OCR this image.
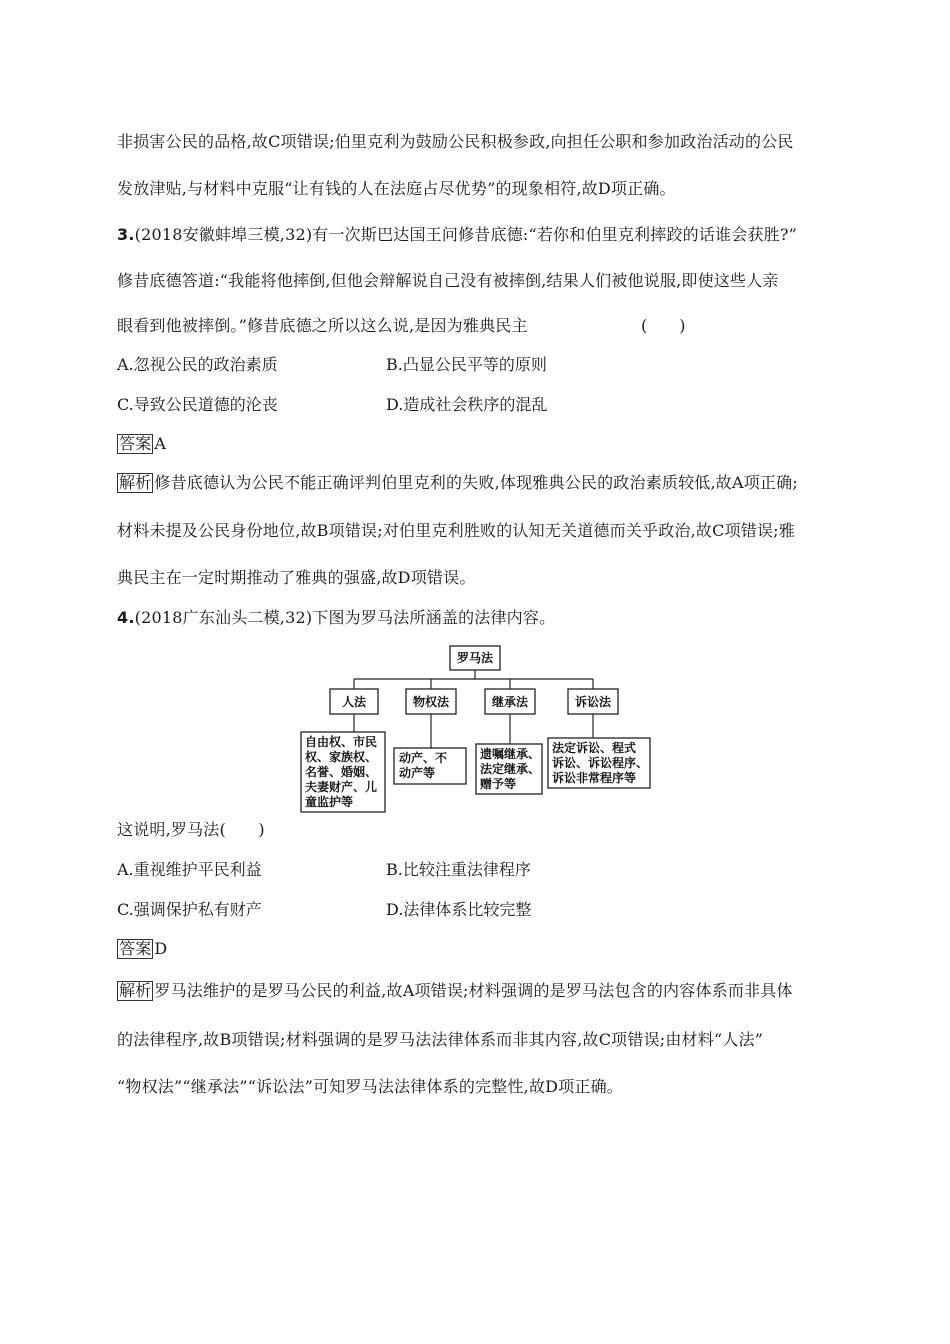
非损害公民的品格,故C项错误;伯里克利为鼓励公民积极参政,向担任公职和参加政治活动的公民
发放津贴,与材料中克服“让有钱的人在法庭占尽优势”的现象相符,故D项正确。
3.(2018安徽蚌埠三模,32)有一次斯巴达国王问修昔底德:“若你和伯里克利摔跤的话谁会获胜?”
修昔底德答道:“我能将他摔倒,但他会辩解说自己没有被摔倒,结果人们被他说服,即使这些人亲
眼看到他被摔倒。”修昔底德之所以这么说,是因为雅典民主	(　　)
A.忽视公民的政治素质	B.凸显公民平等的原则
C.导致公民道德的沦丧	D.造成社会秩序的混乱
答案 A
解析 修昔底德认为公民不能正确评判伯里克利的失败,体现雅典公民的政治素质较低,故A项正确;
材料未提及公民身份地位,故B项错误;对伯里克利胜败的认知无关道德而关乎政治,故C项错误;雅
典民主在一定时期推动了雅典的强盛,故D项错误。
4.(2018广东汕头二模,32)下图为罗马法所涵盖的法律内容。
罗马法
人法	物权法	继承法	诉讼法
自由权、市民
权、家族权、
名誉、婚姻、
夫妻财产、儿
童监护等
动产、不
动产等
遗嘱继承、
法定继承、
赠予等
法定诉讼、程式
诉讼、诉讼程序、
诉讼非常程序等
这说明,罗马法(　　)
A.重视维护平民利益	B.比较注重法律程序
C.强调保护私有财产	D.法律体系比较完整
答案 D
解析 罗马法维护的是罗马公民的利益,故A项错误;材料强调的是罗马法包含的内容体系而非具体
的法律程序,故B项错误;材料强调的是罗马法法律体系而非其内容,故C项错误;由材料“人法”
“物权法”“继承法”“诉讼法”可知罗马法法律体系的完整性,故D项正确。
